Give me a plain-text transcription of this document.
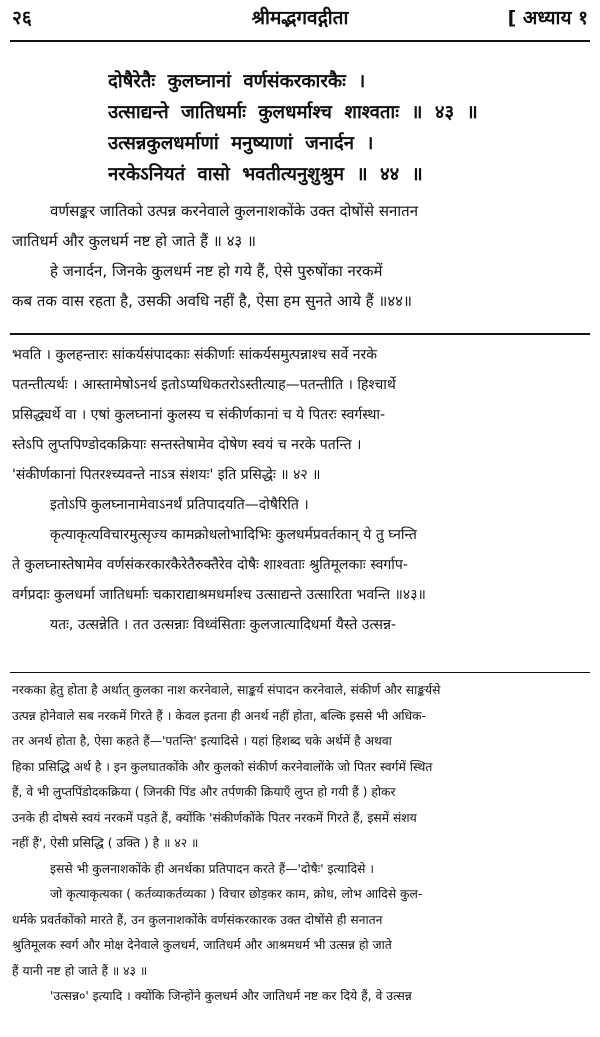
२६	श्रीमद्भगवद्गीता	[ अध्याय १
दोषैरेतैः कुलघ्नानां वर्णसंकरकारकैः ।
उत्साद्यन्ते जातिधर्माः कुलधर्माश्च शाश्वताः ॥ ४३ ॥
उत्सन्नकुलधर्माणां मनुष्याणां जनार्दन ।
नरकेऽनियतं वासो भवतीत्यनुशुश्रुम ॥ ४४ ॥
वर्णसङ्कर जातिको उत्पन्न करनेवाले कुलनाशकोंके उक्त दोषोंसे सनातन
जातिधर्म और कुलधर्म नष्ट हो जाते हैं ॥ ४३ ॥
हे जनार्दन, जिनके कुलधर्म नष्ट हो गये हैं, ऐसे पुरुषोंका नरकमें
कब तक वास रहता है, उसकी अवधि नहीं है, ऐसा हम सुनते आये हैं ॥४४॥
भवति । कुलहन्तारः सांकर्यसंपादकाः संकीर्णाः सांकर्यसमुत्पन्नाश्च सर्वे नरके
पतन्तीत्यर्थः । आस्तामेषोऽनर्थ इतोऽप्यधिकतरोऽस्तीत्याह—पतन्तीति । हिश्चार्थे
प्रसिद्ध्यर्थे वा । एषां कुलघ्नानां कुलस्य च संकीर्णकानां च ये पितरः स्वर्गस्था-
स्तेऽपि लुप्तपिण्डोदकक्रियाः सन्तस्तेषामेव दोषेण स्वयं च नरके पतन्ति ।
'संकीर्णकानां पितरश्च्यवन्ते नाऽत्र संशयः' इति प्रसिद्धेः ॥ ४२ ॥
इतोऽपि कुलघ्नानामेवाऽनर्थं प्रतिपादयति—दोषैरिति ।
कृत्याकृत्यविचारमुत्सृज्य कामक्रोधलोभादिभिः कुलधर्मप्रवर्तकान् ये तु घ्नन्ति
ते कुलघ्नास्तेषामेव वर्णसंकरकारकैरेतैरुक्तैरेव दोषैः शाश्वताः श्रुतिमूलकाः स्वर्गाप-
वर्गप्रदाः कुलधर्मा जातिधर्माः चकाराद्याश्रमधर्माश्च उत्साद्यन्ते उत्सारिता भवन्ति ॥४३॥
यतः, उत्सन्नेति । तत उत्सन्नाः विध्वंसिताः कुलजात्यादिधर्मा यैस्ते उत्सन्न-
नरकका हेतु होता है अर्थात् कुलका नाश करनेवाले, साङ्कर्य संपादन करनेवाले, संकीर्ण और साङ्कर्यसे
उत्पन्न होनेवाले सब नरकमें गिरते हैं । केवल इतना ही अनर्थ नहीं होता, बल्कि इससे भी अधिक-
तर अनर्थ होता है, ऐसा कहते हैं—'पतन्ति' इत्यादिसे । यहां हिशब्द चके अर्थमें है अथवा
हिका प्रसिद्धि अर्थ है । इन कुलघातकोंके और कुलको संकीर्ण करनेवालोंके जो पितर स्वर्गमें स्थित
हैं, वे भी लुप्तपिंडोदकक्रिया ( जिनकी पिंड और तर्पणकी क्रियाएँ लुप्त हो गयी हैं ) होकर
उनके ही दोषसे स्वयं नरकमें पड़ते हैं, क्योंकि 'संकीर्णकोंके पितर नरकमें गिरते हैं, इसमें संशय
नहीं हैं', ऐसी प्रसिद्धि ( उक्ति ) है ॥ ४२ ॥
इससे भी कुलनाशकोंके ही अनर्थका प्रतिपादन करते हैं—'दोषैः' इत्यादिसे ।
जो कृत्याकृत्यका ( कर्तव्याकर्तव्यका ) विचार छोड़कर काम, क्रोध, लोभ आदिसे कुल-
धर्मके प्रवर्तकोंको मारते हैं, उन कुलनाशकोंके वर्णसंकरकारक उक्त दोषोंसे ही सनातन
श्रुतिमूलक स्वर्ग और मोक्ष देनेवाले कुलधर्म, जातिधर्म और आश्रमधर्म भी उत्सन्न हो जाते
हैं यानी नष्ट हो जाते हैं ॥ ४३ ॥
'उत्सन्न०' इत्यादि । क्योंकि जिन्होंने कुलधर्म और जातिधर्म नष्ट कर दिये हैं, वे उत्सन्न
